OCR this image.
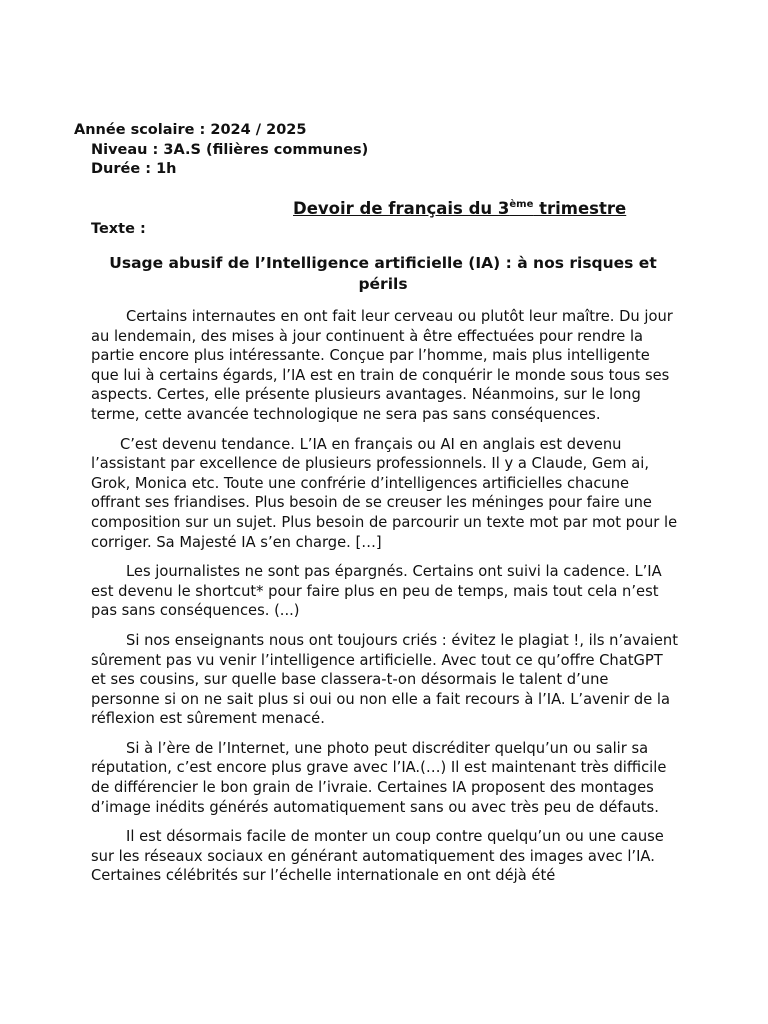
Année scolaire : 2024 / 2025
Niveau : 3A.S (filières communes)
Durée : 1h
Devoir de français du 3ème trimestre
Texte :
Usage abusif de l’Intelligence artificielle (IA) : à nos risques et périls

Certains internautes en ont fait leur cerveau ou plutôt leur maître. Du jour au lendemain, des mises à jour continuent à être effectuées pour rendre la partie encore plus intéressante. Conçue par l’homme, mais plus intelligente que lui à certains égards, l’IA est en train de conquérir le monde sous tous ses aspects. Certes, elle présente plusieurs avantages. Néanmoins, sur le long terme, cette avancée technologique ne sera pas sans conséquences.

C’est devenu tendance. L’IA en français ou AI en anglais est devenu l’assistant par excellence de plusieurs professionnels. Il y a Claude, Gem ai, Grok, Monica etc. Toute une confrérie d’intelligences artificielles chacune offrant ses friandises. Plus besoin de se creuser les méninges pour faire une composition sur un sujet. Plus besoin de parcourir un texte mot par mot pour le corriger. Sa Majesté IA s’en charge. […]

Les journalistes ne sont pas épargnés. Certains ont suivi la cadence. L’IA est devenu le shortcut* pour faire plus en peu de temps, mais tout cela n’est pas sans conséquences. (...)

Si nos enseignants nous ont toujours criés : évitez le plagiat !, ils n’avaient sûrement pas vu venir l’intelligence artificielle. Avec tout ce qu’offre ChatGPT et ses cousins, sur quelle base classera-t-on désormais le talent d’une personne si on ne sait plus si oui ou non elle a fait recours à l’IA. L’avenir de la réflexion est sûrement menacé.

Si à l’ère de l’Internet, une photo peut discréditer quelqu’un ou salir sa réputation, c’est encore plus grave avec l’IA.(…) Il est maintenant très difficile de différencier le bon grain de l’ivraie. Certaines IA proposent des montages d’image inédits générés automatiquement sans ou avec très peu de défauts.

Il est désormais facile de monter un coup contre quelqu’un ou une cause sur les réseaux sociaux en générant automatiquement des images avec l’IA. Certaines célébrités sur l’échelle internationale en ont déjà été
